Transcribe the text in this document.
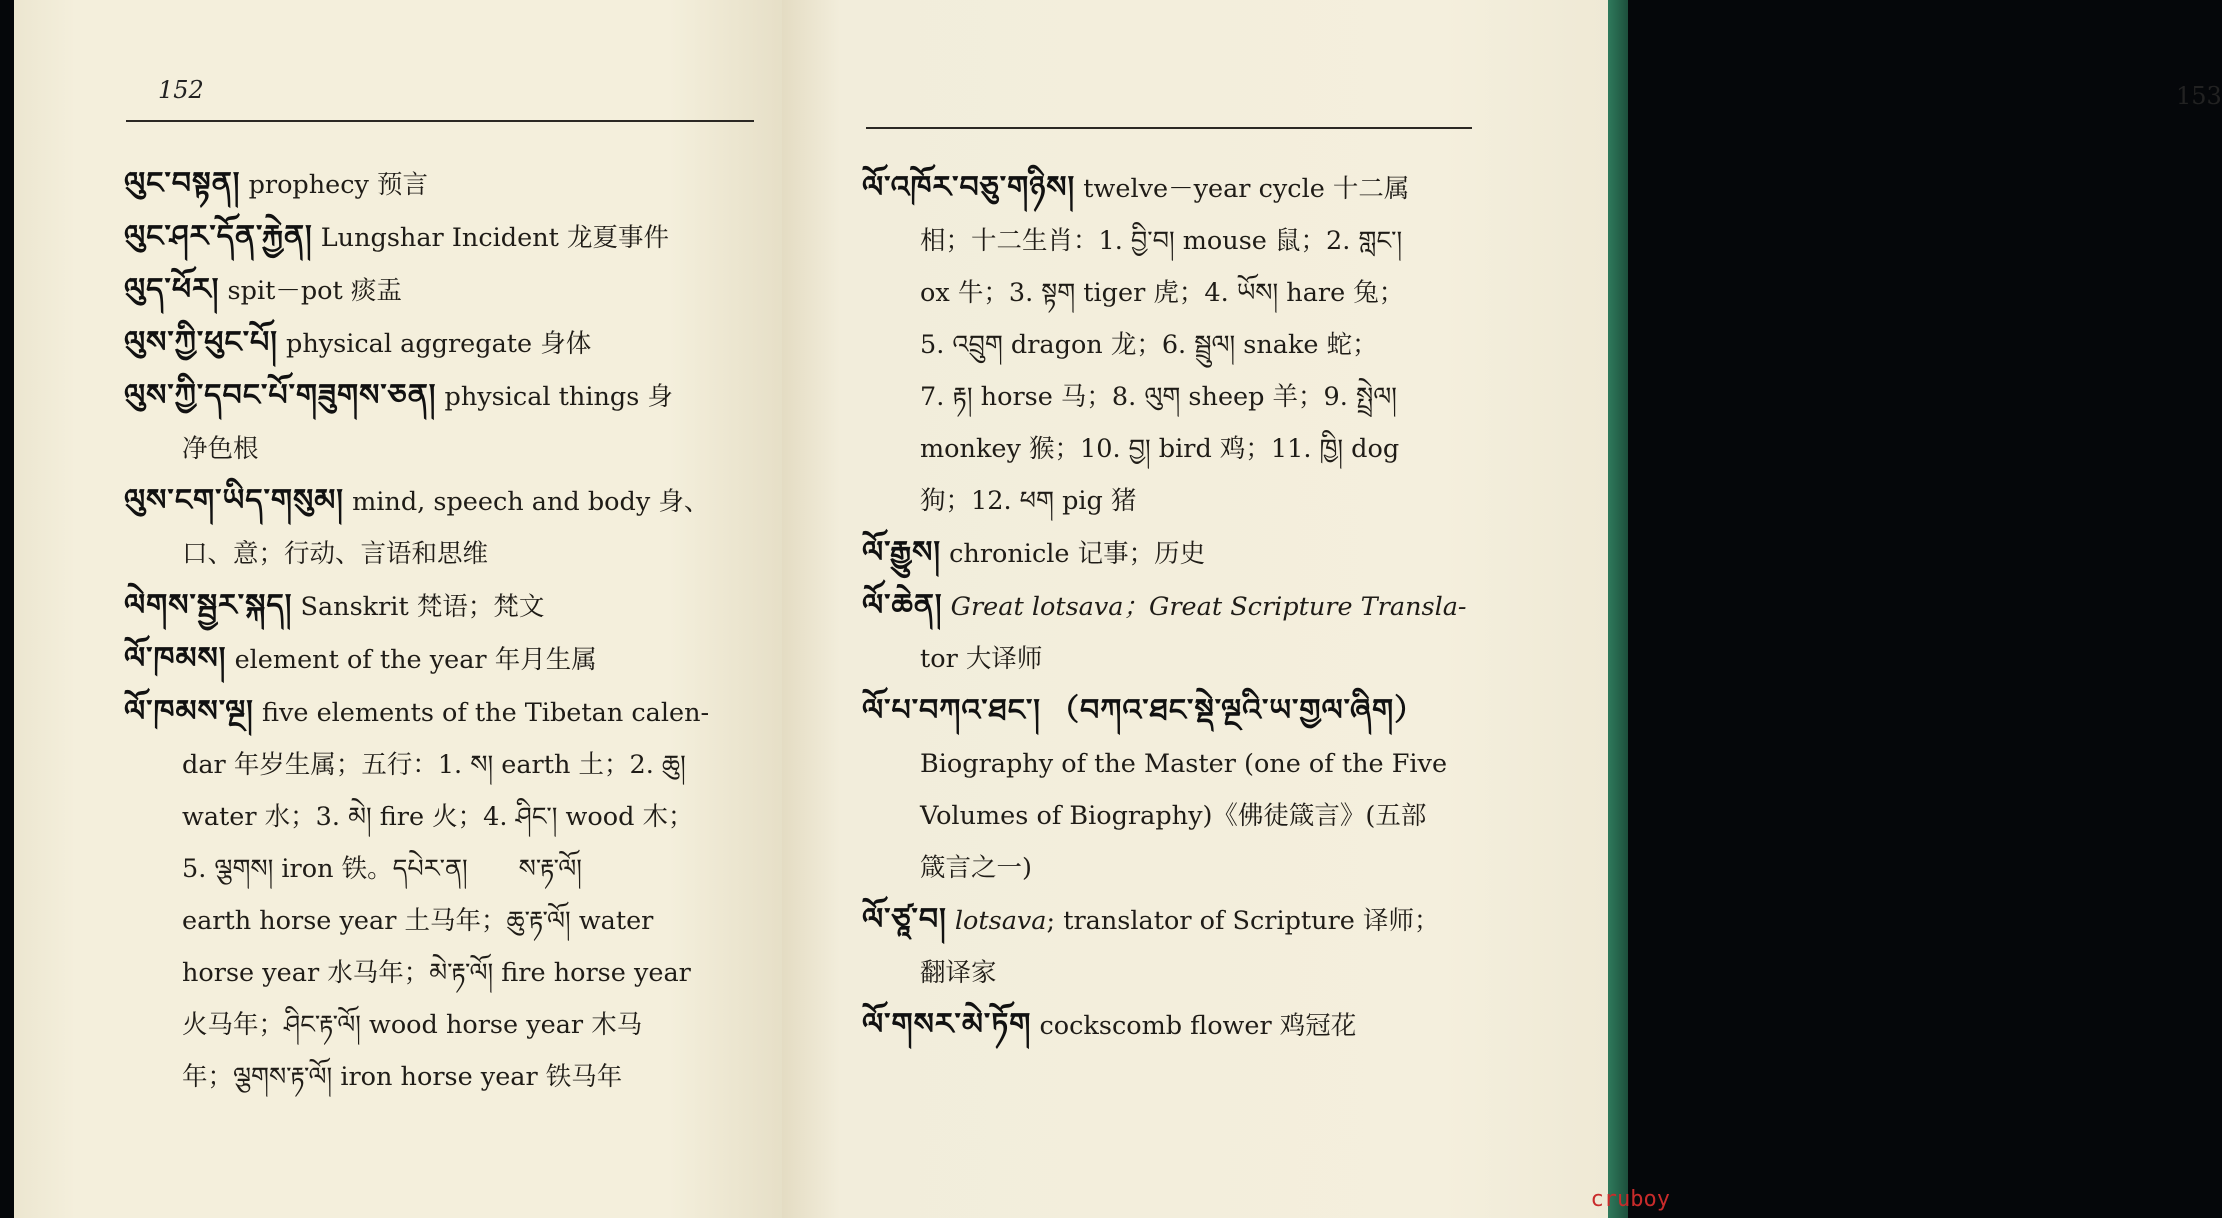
152

ལུང་བསྟན། prophecy 预言

ལུང་ཤར་དོན་རྐྱེན། Lungshar Incident 龙夏事件

ལུད་ཕོར། spit－pot 痰盂

ལུས་ཀྱི་ཕུང་པོ། physical aggregate 身体

ལུས་ཀྱི་དབང་པོ་གཟུགས་ཅན། physical things 身
净色根

ལུས་ངག་ཡིད་གསུམ། mind, speech and body 身、
口、意；行动、言语和思维

ལེགས་སྦྱར་སྐད། Sanskrit 梵语；梵文

ལོ་ཁམས། element of the year 年月生属

ལོ་ཁམས་ལྔ། five elements of the Tibetan calen-
dar 年岁生属；五行：1. ས། earth 土；2. ཆུ།
water 水；3. མེ། fire 火；4. ཤིང་། wood 木；
5. ལྕགས། iron 铁。དཔེར་ན།　　ས་རྟ་ལོ།
earth horse year 土马年；ཆུ་རྟ་ལོ། water
horse year 水马年；མེ་རྟ་ལོ། fire horse year
火马年；ཤིང་རྟ་ལོ། wood horse year 木马
年；ལྕགས་རྟ་ལོ། iron horse year 铁马年

153

ལོ་འཁོར་བཅུ་གཉིས། twelve－year cycle 十二属
相；十二生肖：1. བྱི་བ། mouse 鼠；2. གླང་།
ox 牛；3. སྟག tiger 虎；4. ཡོས། hare 兔；
5. འབྲུག dragon 龙；6. སྦྲུལ། snake 蛇；
7. རྟ། horse 马；8. ལུག sheep 羊；9. སྤྲེལ།
monkey 猴；10. བྱ། bird 鸡；11. ཁྱི། dog
狗；12. ཕག pig 猪

ལོ་རྒྱུས། chronicle 记事；历史

ལོ་ཆེན། Great lotsava；Great Scripture Transla-
tor 大译师

ལོ་པ་བཀའ་ཐང་། （བཀའ་ཐང་སྡེ་ལྔའི་ཡ་གྱལ་ཞིག）
Biography of the Master (one of the Five
Volumes of Biography)《佛徒箴言》(五部
箴言之一)

ལོ་ཙཱ་བ། lotsava; translator of Scripture 译师；
翻译家

ལོ་གསར་མེ་ཏོག cockscomb flower 鸡冠花

cruboy
